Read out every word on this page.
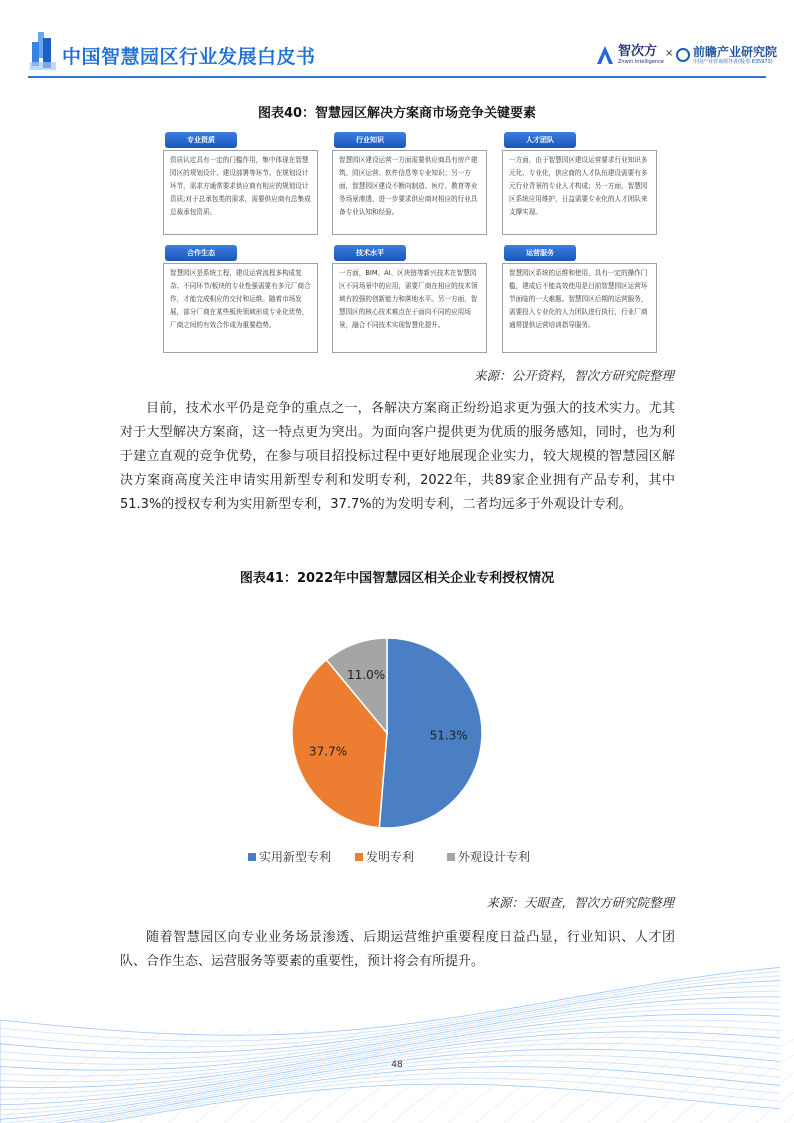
中国智慧园区行业发展白皮书	智次方
Znwin Intelligence
× 前瞻产业研究院
中国产业咨询领导者(股票:835973)
图表40：智慧园区解决方案商市场竞争关键要素
资质认定具有一定的门槛作用，集中体现在智慧园区的规划设计、建设部署等环节。在规划设计环节，需求方通常要求供应商有相应的规划设计资质;对于总承包类的需求，需要供应商有总集成总裁承包资质。
专业资质
智慧园区建设运营一方面需要供应商具有房产建筑、园区运营、软件信息等专业知识；另一方面，智慧园区建设不断向制造、医疗、教育等业务场景渗透，进一步要求供应商对相应的行业具备专业认知和经验。
行业知识
一方面，由于智慧园区建设运营要求行业知识多元化、专业化，供应商的人才队伍建设需要有多元行业背景的专业人才构成；另一方面，智慧园区系统应用维护，日益需要专业化的人才团队来支撑实现。
人才团队
智慧园区是系统工程，建设运营流程多构成复杂、不同环节/板块的专业性强需要有多元厂商合作，才能完成相应的交付和运维。随着市场发展，部分厂商在某些板块领域形成专业化优势，厂商之间的有效合作成为重要趋势。
合作生态
一方面，BIM、AI、区块链等新兴技术在智慧园区不同场景中的应用，需要厂商在相应的技术领域有较强的创新能力和落地水平。另一方面，智慧园区的核心技术难点在于面向不同的应用场景，融合不同技术实现智慧化提升。
技术水平
智慧园区系统的运维和使用，具有一定的操作门槛，建成后不能高效使用是目前智慧园区运营环节面临的一大难题。智慧园区后期的运营服务，需要投入专业化的人力团队进行执行，行业厂商通常提供运营培训指导服务。
运营服务
来源：公开资料，智次方研究院整理
目前，技术水平仍是竞争的重点之一，各解决方案商正纷纷追求更为强大的技术实力。尤其对于大型解决方案商，这一特点更为突出。为面向客户提供更为优质的服务感知，同时，也为利于建立直观的竞争优势，在参与项目招投标过程中更好地展现企业实力，较大规模的智慧园区解决方案商高度关注申请实用新型专利和发明专利，2022年，共89家企业拥有产品专利，其中51.3%的授权专利为实用新型专利，37.7%的为发明专利，二者均远多于外观设计专利。
图表41：2022年中国智慧园区相关企业专利授权情况
51.3%
37.7%
11.0%
实用新型专利	发明专利	外观设计专利
来源：天眼查，智次方研究院整理
随着智慧园区向专业业务场景渗透、后期运营维护重要程度日益凸显，行业知识、人才团队、合作生态、运营服务等要素的重要性，预计将会有所提升。
48
